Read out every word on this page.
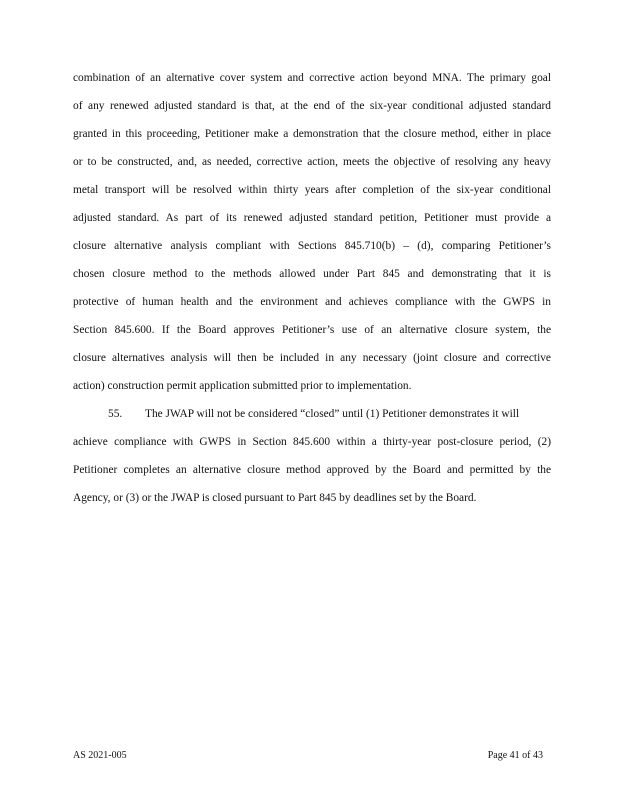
combination of an alternative cover system and corrective action beyond MNA. The primary goal
of any renewed adjusted standard is that, at the end of the six-year conditional adjusted standard
granted in this proceeding, Petitioner make a demonstration that the closure method, either in place
or to be constructed, and, as needed, corrective action, meets the objective of resolving any heavy
metal transport will be resolved within thirty years after completion of the six-year conditional
adjusted standard. As part of its renewed adjusted standard petition, Petitioner must provide a
closure alternative analysis compliant with Sections 845.710(b) – (d), comparing Petitioner’s
chosen closure method to the methods allowed under Part 845 and demonstrating that it is
protective of human health and the environment and achieves compliance with the GWPS in
Section 845.600. If the Board approves Petitioner’s use of an alternative closure system, the
closure alternatives analysis will then be included in any necessary (joint closure and corrective
action) construction permit application submitted prior to implementation.
55. The JWAP will not be considered “closed” until (1) Petitioner demonstrates it will
achieve compliance with GWPS in Section 845.600 within a thirty-year post-closure period, (2)
Petitioner completes an alternative closure method approved by the Board and permitted by the
Agency, or (3) or the JWAP is closed pursuant to Part 845 by deadlines set by the Board.
AS 2021-005	Page 41 of 43
